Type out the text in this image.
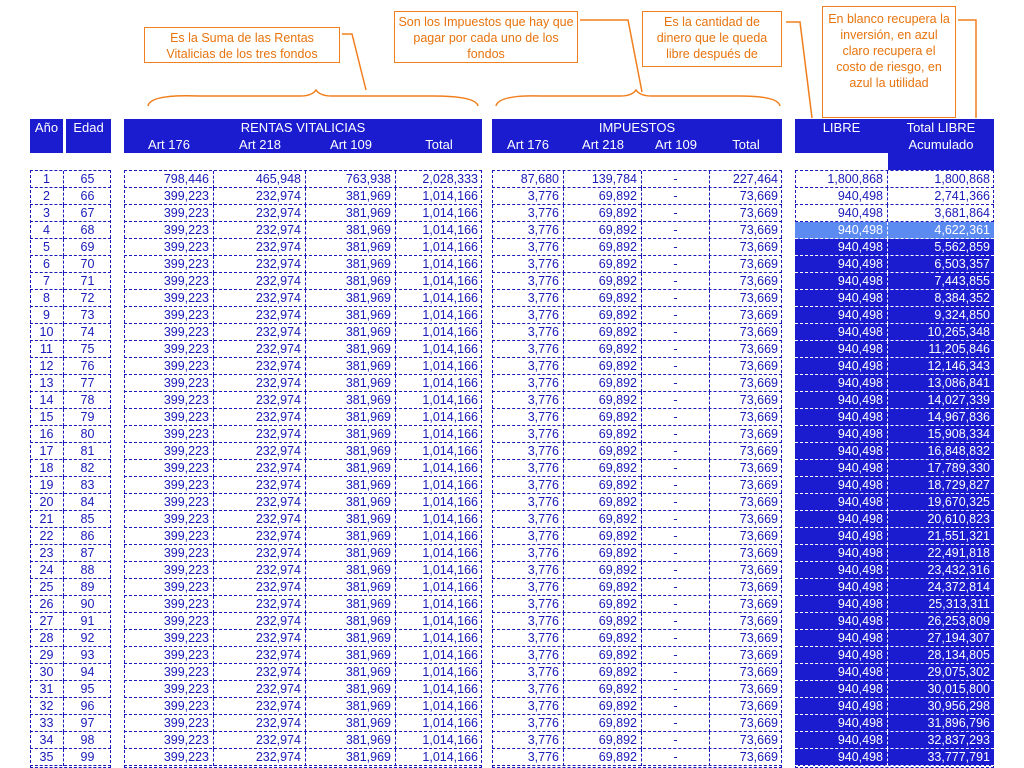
Es la Suma de las Rentas Vitalicias de los tres fondos
Son los Impuestos que hay que pagar por cada uno de los fondos
Es la cantidad de dinero que le queda libre después de
En blanco recupera la inversión, en azul claro recupera el costo de riesgo, en azul la utilidad
Año	Edad	RENTAS VITALICIAS
Art 176	Art 218	Art 109	Total
IMPUESTOS
Art 176	Art 218	Art 109	Total
LIBRE	Total LIBRE Acumulado
1	65	798,446	465,948	763,938	2,028,333	87,680	139,784	-	227,464	1,800,868	1,800,868
2	66	399,223	232,974	381,969	1,014,166	3,776	69,892	-	73,669	940,498	2,741,366
3	67	399,223	232,974	381,969	1,014,166	3,776	69,892	-	73,669	940,498	3,681,864
4	68	399,223	232,974	381,969	1,014,166	3,776	69,892	-	73,669	940,498	4,622,361
5	69	399,223	232,974	381,969	1,014,166	3,776	69,892	-	73,669	940,498	5,562,859
6	70	399,223	232,974	381,969	1,014,166	3,776	69,892	-	73,669	940,498	6,503,357
7	71	399,223	232,974	381,969	1,014,166	3,776	69,892	-	73,669	940,498	7,443,855
8	72	399,223	232,974	381,969	1,014,166	3,776	69,892	-	73,669	940,498	8,384,352
9	73	399,223	232,974	381,969	1,014,166	3,776	69,892	-	73,669	940,498	9,324,850
10	74	399,223	232,974	381,969	1,014,166	3,776	69,892	-	73,669	940,498	10,265,348
11	75	399,223	232,974	381,969	1,014,166	3,776	69,892	-	73,669	940,498	11,205,846
12	76	399,223	232,974	381,969	1,014,166	3,776	69,892	-	73,669	940,498	12,146,343
13	77	399,223	232,974	381,969	1,014,166	3,776	69,892	-	73,669	940,498	13,086,841
14	78	399,223	232,974	381,969	1,014,166	3,776	69,892	-	73,669	940,498	14,027,339
15	79	399,223	232,974	381,969	1,014,166	3,776	69,892	-	73,669	940,498	14,967,836
16	80	399,223	232,974	381,969	1,014,166	3,776	69,892	-	73,669	940,498	15,908,334
17	81	399,223	232,974	381,969	1,014,166	3,776	69,892	-	73,669	940,498	16,848,832
18	82	399,223	232,974	381,969	1,014,166	3,776	69,892	-	73,669	940,498	17,789,330
19	83	399,223	232,974	381,969	1,014,166	3,776	69,892	-	73,669	940,498	18,729,827
20	84	399,223	232,974	381,969	1,014,166	3,776	69,892	-	73,669	940,498	19,670,325
21	85	399,223	232,974	381,969	1,014,166	3,776	69,892	-	73,669	940,498	20,610,823
22	86	399,223	232,974	381,969	1,014,166	3,776	69,892	-	73,669	940,498	21,551,321
23	87	399,223	232,974	381,969	1,014,166	3,776	69,892	-	73,669	940,498	22,491,818
24	88	399,223	232,974	381,969	1,014,166	3,776	69,892	-	73,669	940,498	23,432,316
25	89	399,223	232,974	381,969	1,014,166	3,776	69,892	-	73,669	940,498	24,372,814
26	90	399,223	232,974	381,969	1,014,166	3,776	69,892	-	73,669	940,498	25,313,311
27	91	399,223	232,974	381,969	1,014,166	3,776	69,892	-	73,669	940,498	26,253,809
28	92	399,223	232,974	381,969	1,014,166	3,776	69,892	-	73,669	940,498	27,194,307
29	93	399,223	232,974	381,969	1,014,166	3,776	69,892	-	73,669	940,498	28,134,805
30	94	399,223	232,974	381,969	1,014,166	3,776	69,892	-	73,669	940,498	29,075,302
31	95	399,223	232,974	381,969	1,014,166	3,776	69,892	-	73,669	940,498	30,015,800
32	96	399,223	232,974	381,969	1,014,166	3,776	69,892	-	73,669	940,498	30,956,298
33	97	399,223	232,974	381,969	1,014,166	3,776	69,892	-	73,669	940,498	31,896,796
34	98	399,223	232,974	381,969	1,014,166	3,776	69,892	-	73,669	940,498	32,837,293
35	99	399,223	232,974	381,969	1,014,166	3,776	69,892	-	73,669	940,498	33,777,791
